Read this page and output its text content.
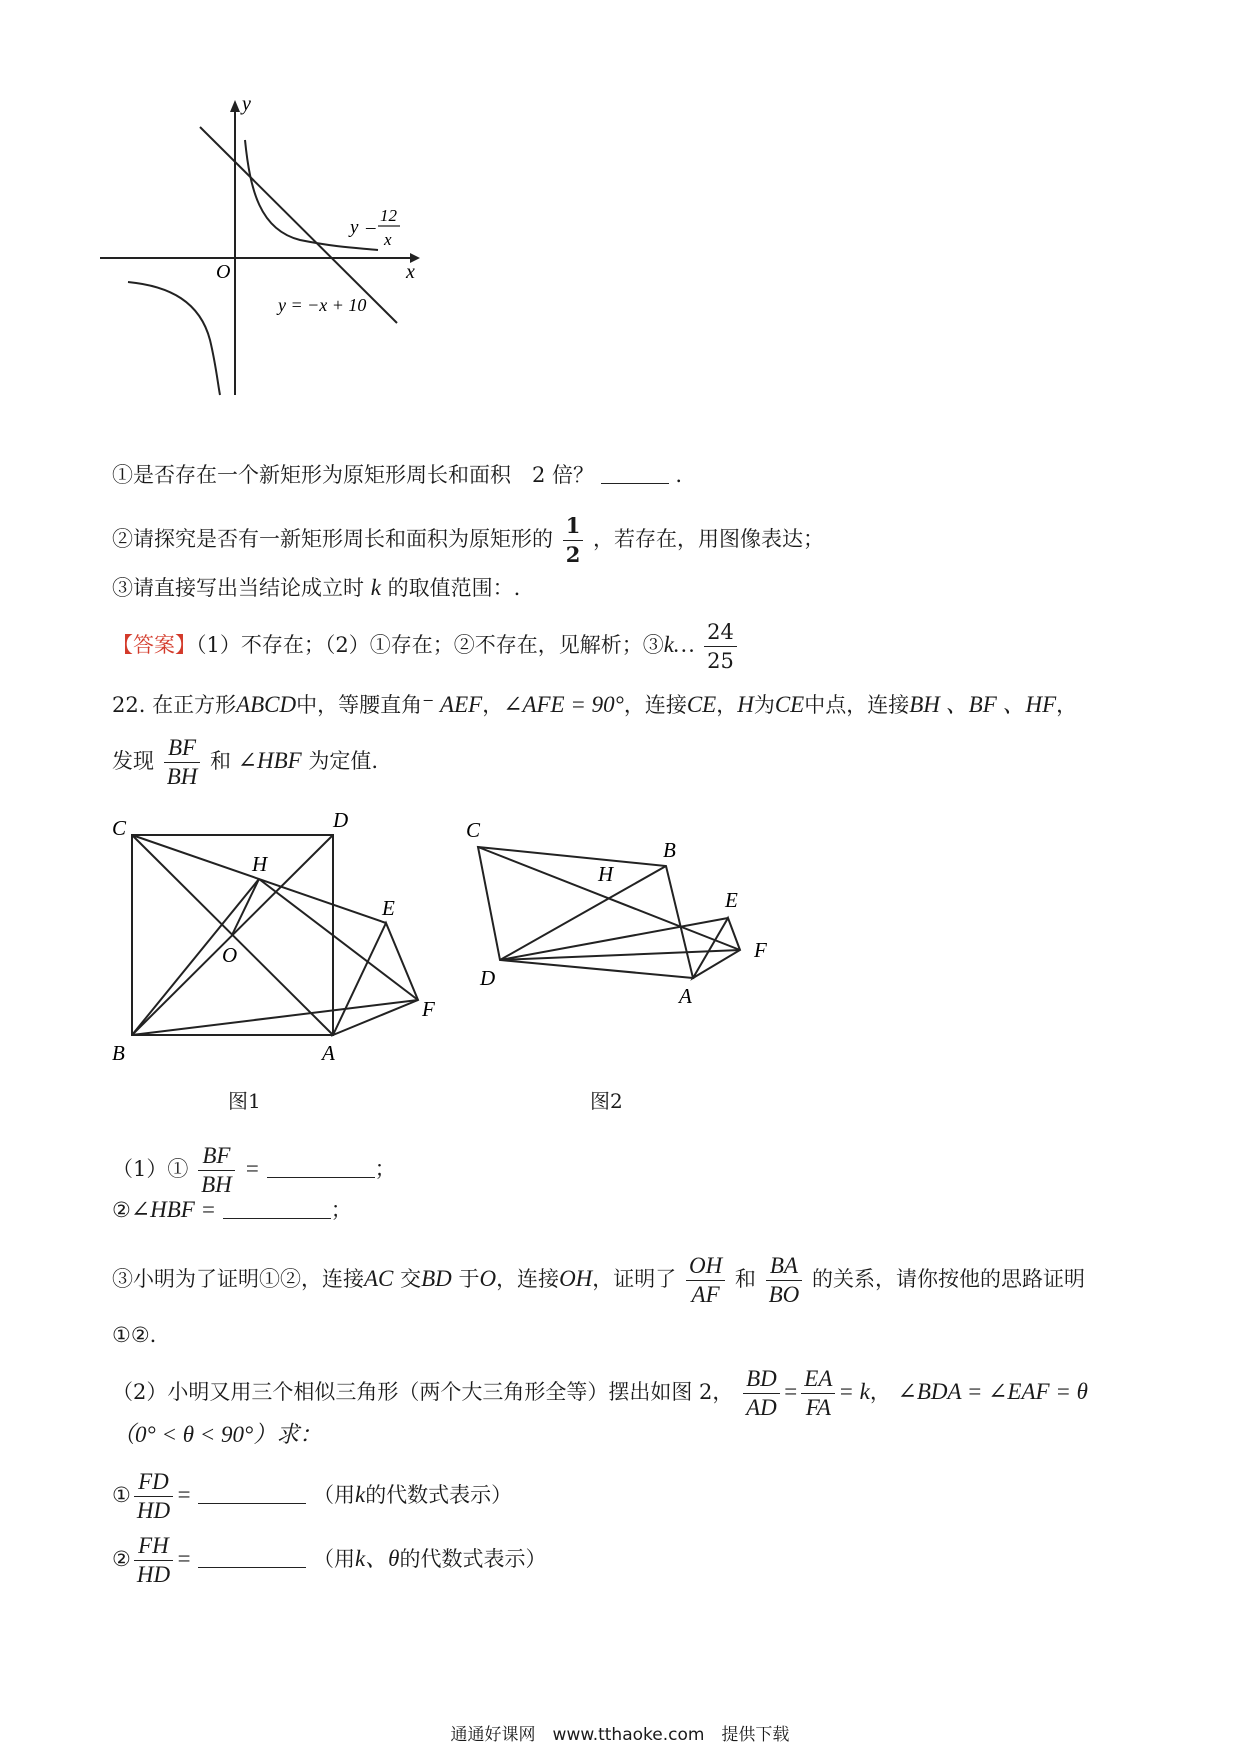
y
x
O
y –
12
x
y = −x + 10
①是否存在一个新矩形为原矩形周长和面积　2 倍？	.
②请探究是否有一新矩形周长和面积为原矩形的 $\frac{1}{2}$ ，若存在，用图像表达；
③请直接写出当结论成立时 k 的取值范围：.
【答案】（1）不存在；（2）①存在；②不存在，见解析；③k… $\frac{24}{25}$
22. 在正方形ABCD中，等腰直角⁻ AEF，∠AFE = 90°，连接CE，H为CE中点，连接BH 、BF 、HF，
发现 $\frac{BF}{BH}$ 和 ∠HBF 为定值.
C	D
H
E
O
F
B	A
图1
C
B
H
E
F
D
A
图2
（1）① $\frac{BF}{BH}$ =	；
②∠HBF =	；
③小明为了证明①②，连接AC 交BD 于O，连接OH，证明了 $\frac{OH}{AF}$ 和 $\frac{BA}{BO}$ 的关系，请你按他的思路证明
①②.
（2）小明又用三个相似三角形（两个大三角形全等）摆出如图 2， $\frac{BD}{AD} = \frac{EA}{FA} = k$， ∠BDA = ∠EAF = θ
（0° < θ < 90°）求：
① $\frac{FD}{HD}$ =	（用k的代数式表示）
② $\frac{FH}{HD}$ =	（用k、θ的代数式表示）
通通好课网　www.tthaoke.com　提供下载
